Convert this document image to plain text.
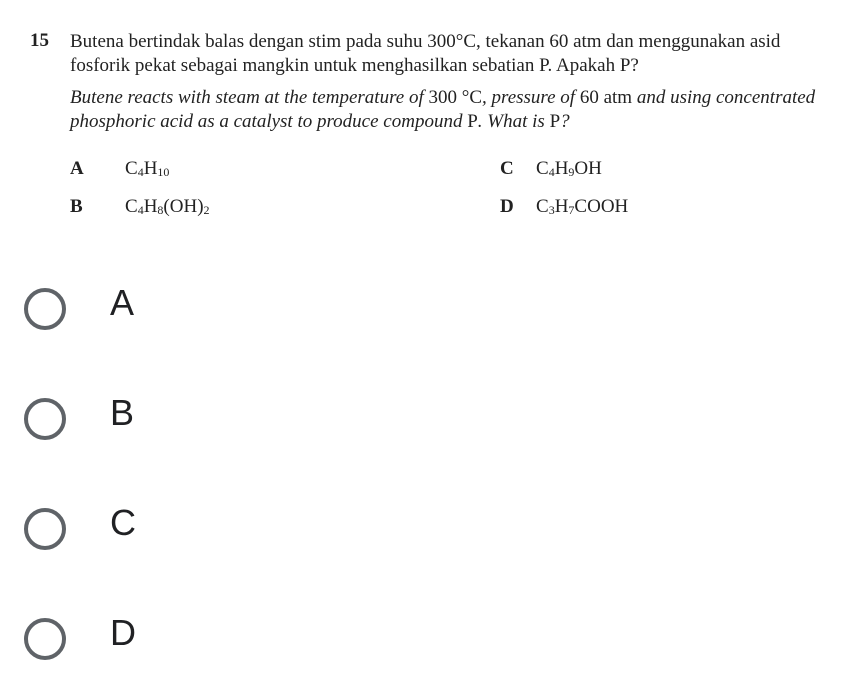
15 Butena bertindak balas dengan stim pada suhu 300°C, tekanan 60 atm dan menggunakan asid fosforik pekat sebagai mangkin untuk menghasilkan sebatian P. Apakah P?
Butene reacts with steam at the temperature of 300 °C, pressure of 60 atm and using concentrated phosphoric acid as a catalyst to produce compound P. What is P?
A $C_4H_{10}$
B $C_4H_8(OH)_2$
C $C_4H_9OH$
D $C_3H_7COOH$
A
B
C
D
